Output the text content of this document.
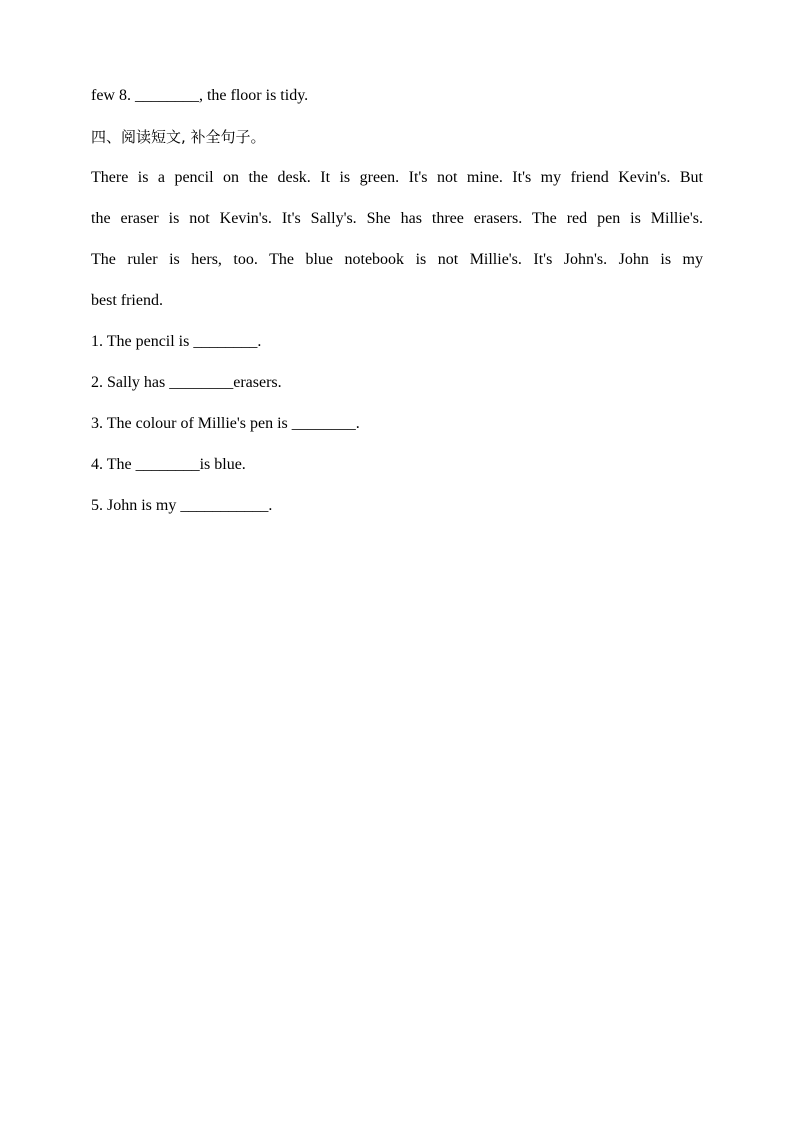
few 8. ________, the floor is tidy.
四、阅读短文, 补全句子。
There is a pencil on the desk. It is green. It's not mine. It's my friend Kevin's. But
the eraser is not Kevin's. It's Sally's. She has three erasers. The red pen is Millie's.
The ruler is hers, too. The blue notebook is not Millie's. It's John's. John is my
best friend.
1. The pencil is ________.
2. Sally has ________erasers.
3. The colour of Millie's pen is ________.
4. The ________is blue.
5. John is my ___________.
